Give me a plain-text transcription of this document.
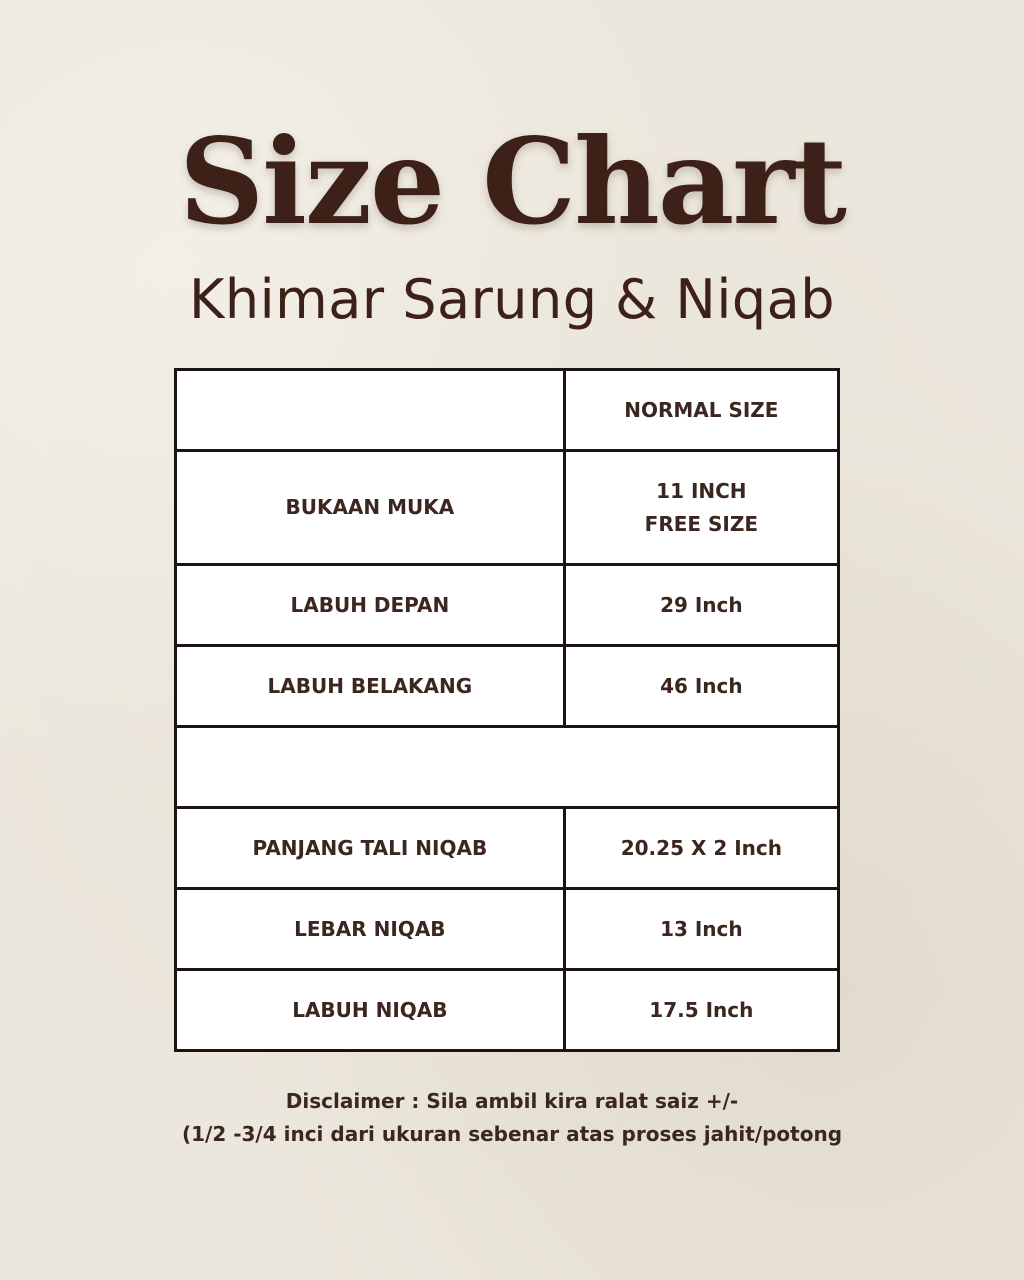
Size Chart
Khimar Sarung & Niqab
	NORMAL SIZE
BUKAAN MUKA	11 INCH
FREE SIZE

LABUH DEPAN	29 Inch
LABUH BELAKANG	46 Inch

PANJANG TALI NIQAB	20.25 X 2 Inch
LEBAR NIQAB	13 Inch
LABUH NIQAB	17.5 Inch

Disclaimer : Sila ambil kira ralat saiz +/-
(1/2 -3/4 inci dari ukuran sebenar atas proses jahit/potong
